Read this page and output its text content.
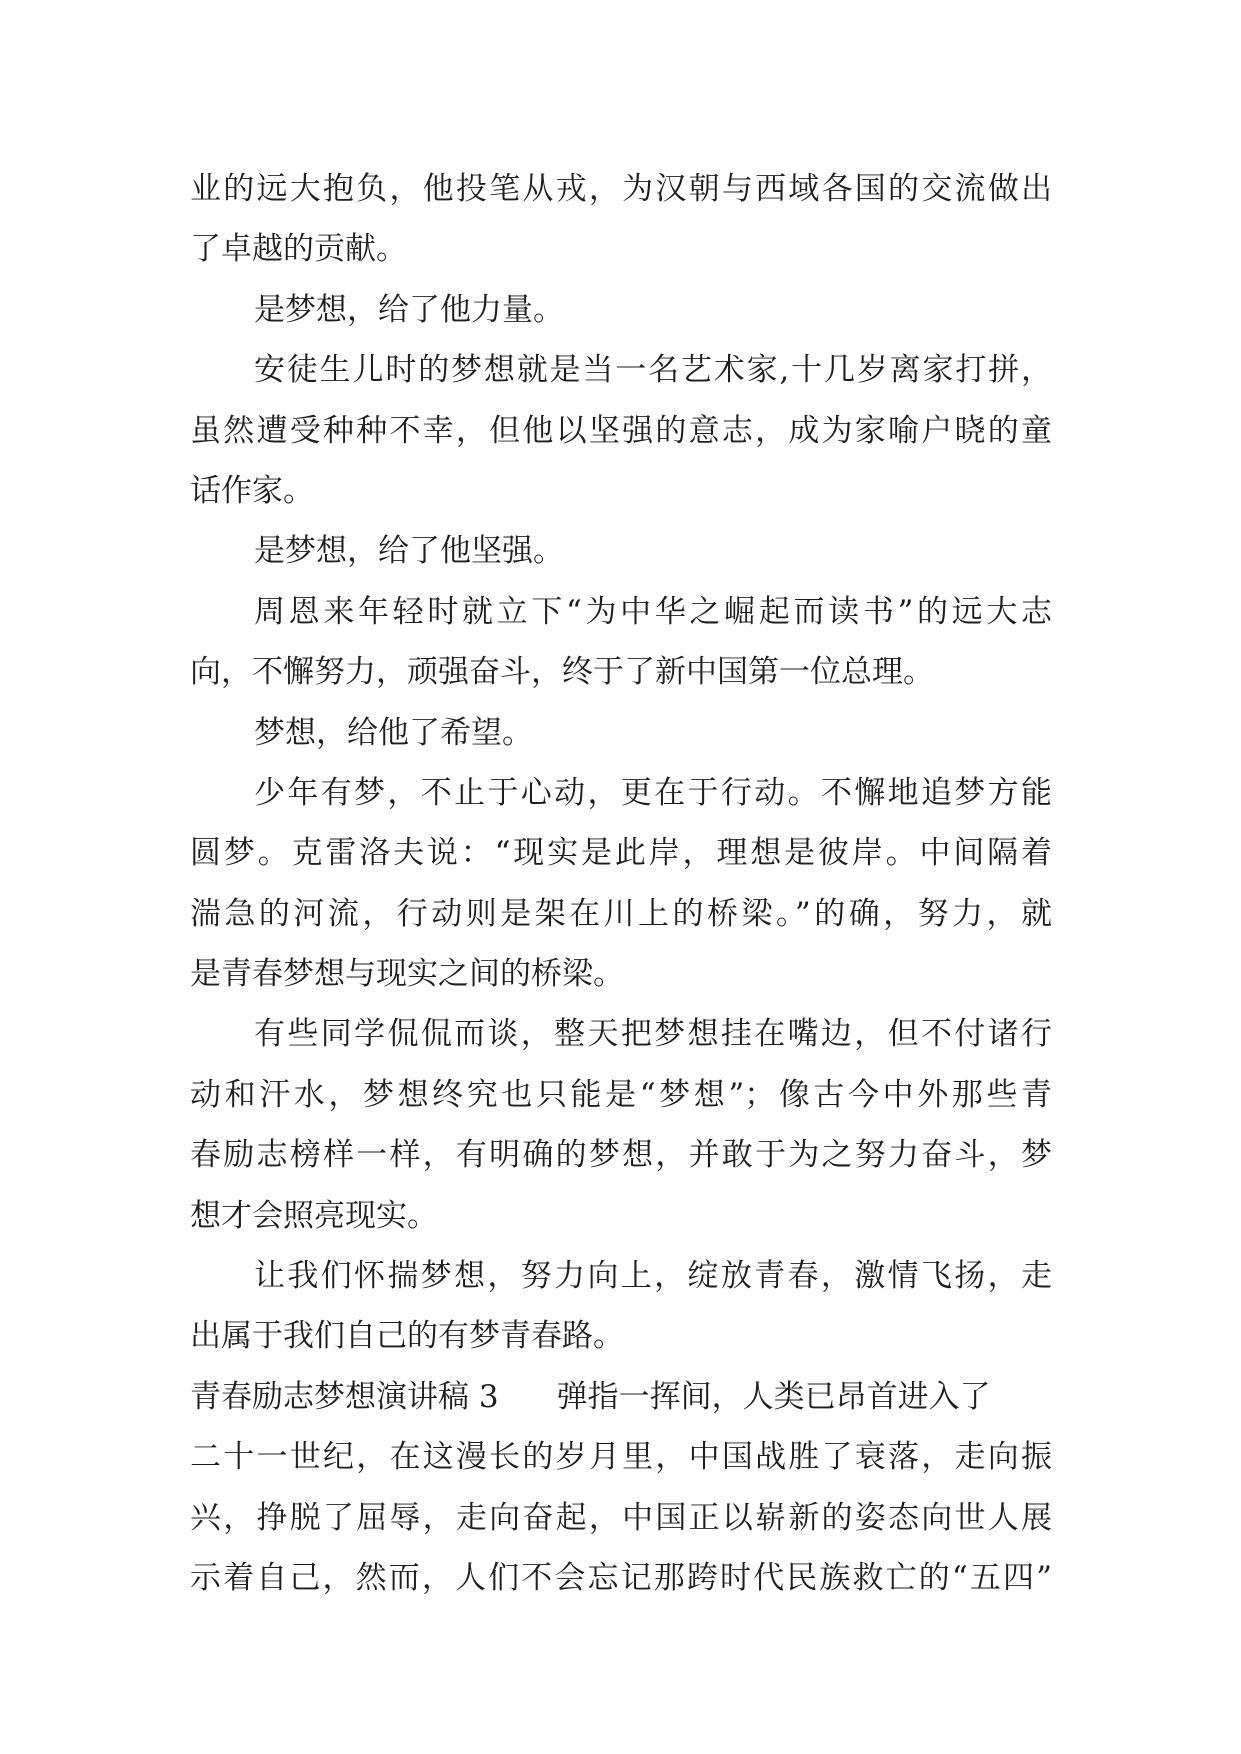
业的远大抱负，他投笔从戎，为汉朝与西域各国的交流做出
了卓越的贡献。
是梦想，给了他力量。
安徒生儿时的梦想就是当一名艺术家,十几岁离家打拼，
虽然遭受种种不幸，但他以坚强的意志，成为家喻户晓的童
话作家。
是梦想，给了他坚强。
周恩来年轻时就立下“为中华之崛起而读书”的远大志
向，不懈努力，顽强奋斗，终于了新中国第一位总理。
梦想，给他了希望。
少年有梦，不止于心动，更在于行动。不懈地追梦方能
圆梦。克雷洛夫说：“现实是此岸，理想是彼岸。中间隔着
湍急的河流，行动则是架在川上的桥梁。”的确，努力，就
是青春梦想与现实之间的桥梁。
有些同学侃侃而谈，整天把梦想挂在嘴边，但不付诸行
动和汗水，梦想终究也只能是“梦想”；像古今中外那些青
春励志榜样一样，有明确的梦想，并敢于为之努力奋斗，梦
想才会照亮现实。
让我们怀揣梦想，努力向上，绽放青春，激情飞扬，走
出属于我们自己的有梦青春路。
青春励志梦想演讲稿 3 弹指一挥间，人类已昂首进入了
二十一世纪，在这漫长的岁月里，中国战胜了衰落，走向振
兴，挣脱了屈辱，走向奋起，中国正以崭新的姿态向世人展
示着自己，然而，人们不会忘记那跨时代民族救亡的“五四”
